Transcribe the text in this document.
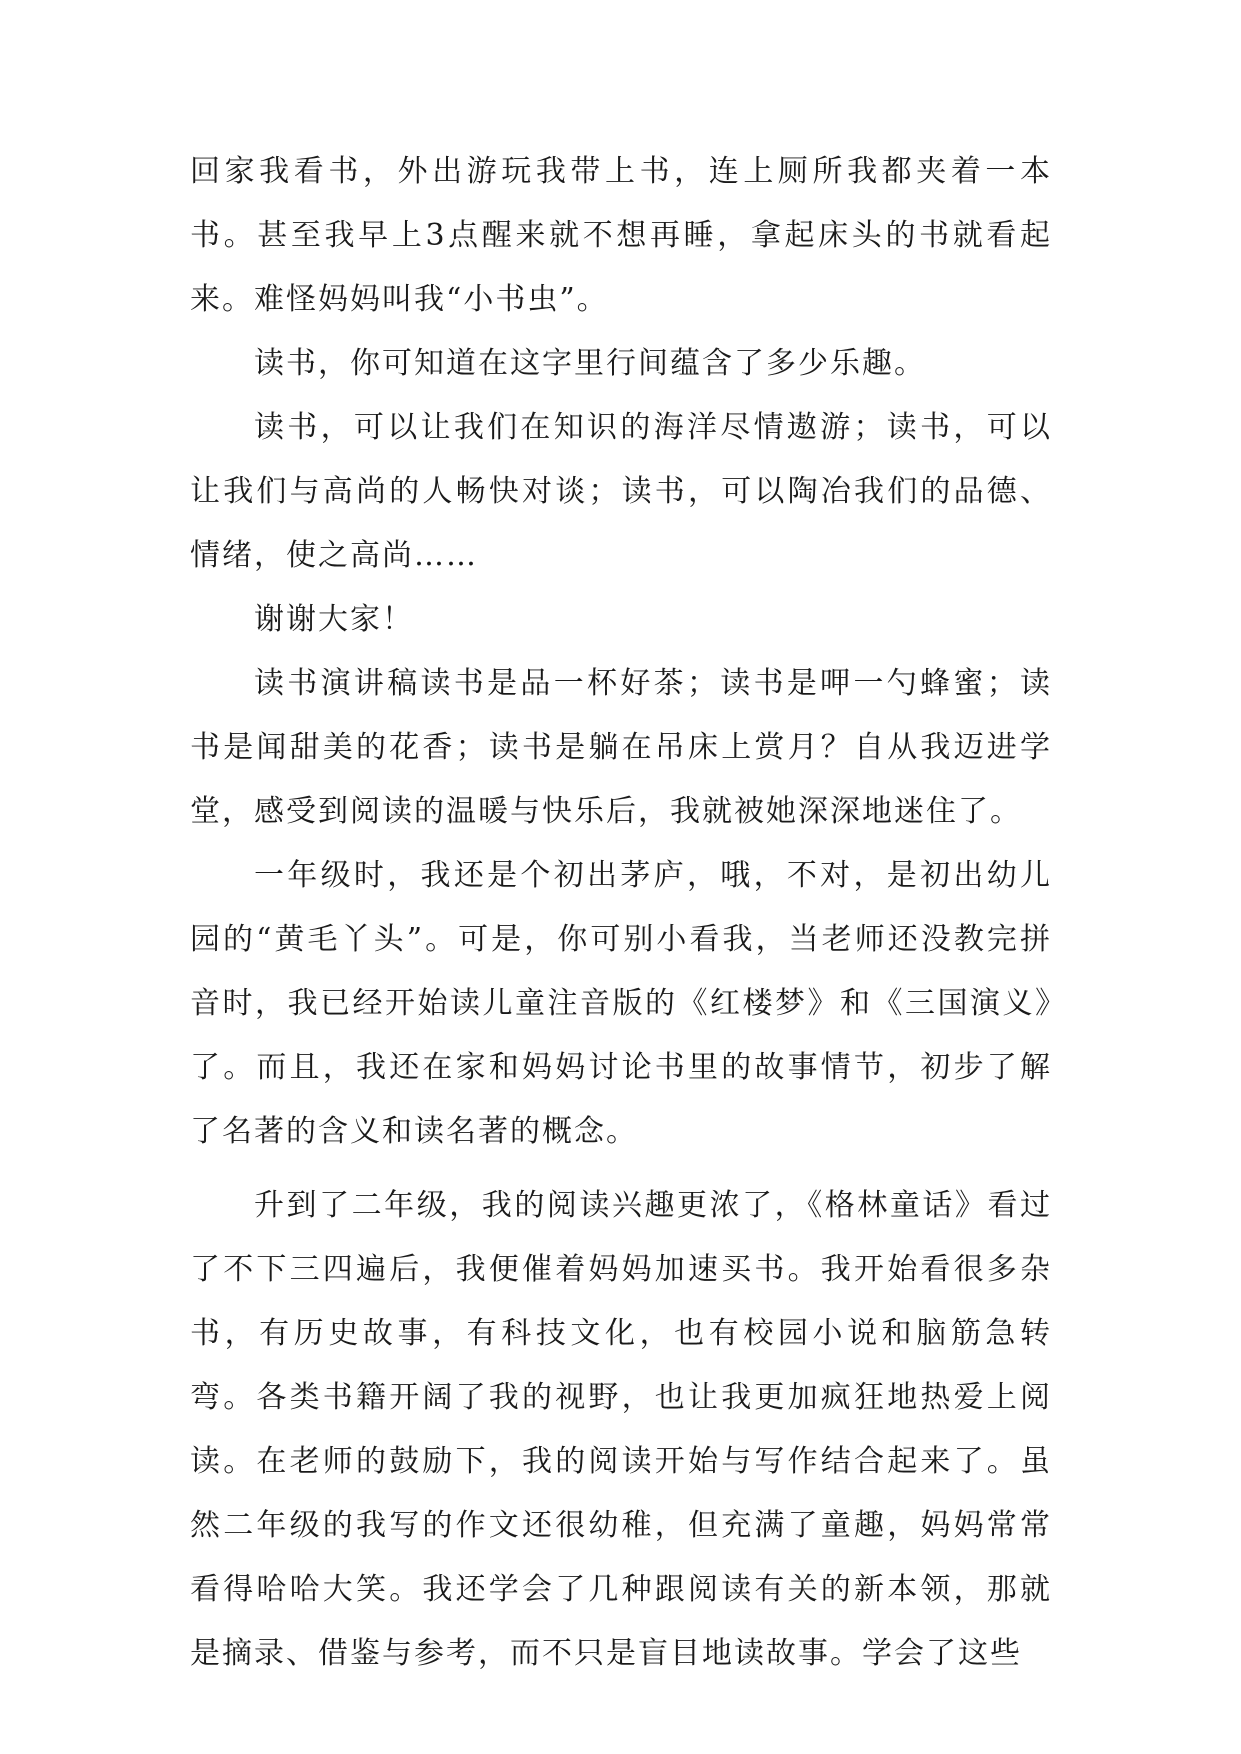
回家我看书，外出游玩我带上书，连上厕所我都夹着一本书。甚至我早上3点醒来就不想再睡，拿起床头的书就看起来。难怪妈妈叫我“小书虫”。

读书，你可知道在这字里行间蕴含了多少乐趣。

读书，可以让我们在知识的海洋尽情遨游；读书，可以让我们与高尚的人畅快对谈；读书，可以陶冶我们的品德、情绪，使之高尚……

谢谢大家！

读书演讲稿读书是品一杯好茶；读书是呷一勺蜂蜜；读书是闻甜美的花香；读书是躺在吊床上赏月？自从我迈进学堂，感受到阅读的温暖与快乐后，我就被她深深地迷住了。

一年级时，我还是个初出茅庐，哦，不对，是初出幼儿园的“黄毛丫头”。可是，你可别小看我，当老师还没教完拼音时，我已经开始读儿童注音版的《红楼梦》和《三国演义》了。而且，我还在家和妈妈讨论书里的故事情节，初步了解了名著的含义和读名著的概念。

升到了二年级，我的阅读兴趣更浓了，《格林童话》看过了不下三四遍后，我便催着妈妈加速买书。我开始看很多杂书，有历史故事，有科技文化，也有校园小说和脑筋急转弯。各类书籍开阔了我的视野，也让我更加疯狂地热爱上阅读。在老师的鼓励下，我的阅读开始与写作结合起来了。虽然二年级的我写的作文还很幼稚，但充满了童趣，妈妈常常看得哈哈大笑。我还学会了几种跟阅读有关的新本领，那就是摘录、借鉴与参考，而不只是盲目地读故事。学会了这些
